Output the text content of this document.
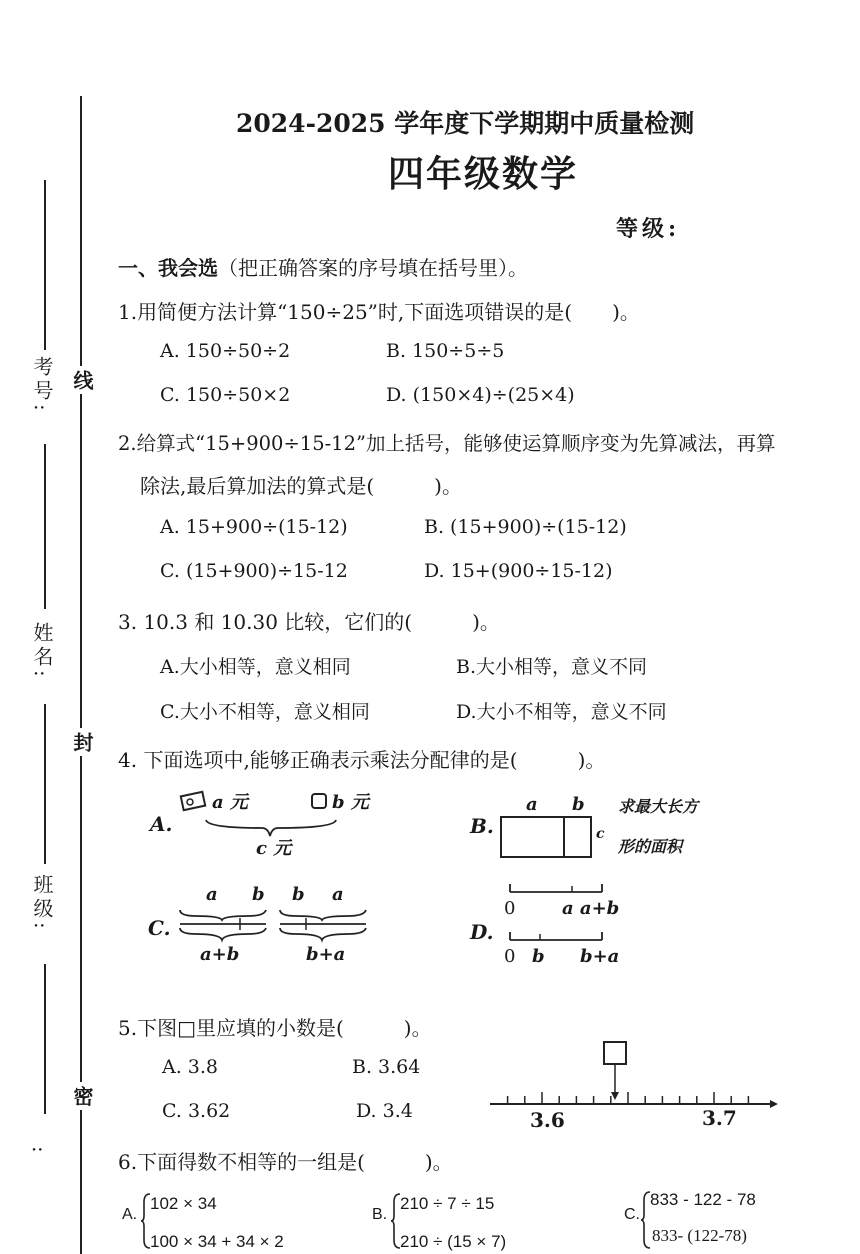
考号:
姓名:
班级:
:
线
封
密
2024-2025 学年度下学期期中质量检测
四年级数学
等级:
一、我会选（把正确答案的序号填在括号里）。
1.用简便方法计算“150÷25”时,下面选项错误的是(　　)。
A. 150÷50÷2	B. 150÷5÷5
C. 150÷50×2	D. (150×4)÷(25×4)
2.给算式“15+900÷15-12”加上括号，能够使运算顺序变为先算减法，再算
除法,最后算加法的算式是(　　　)。
A. 15+900÷(15-12)	B. (15+900)÷(15-12)
C. (15+900)÷15-12	D. 15+(900÷15-12)
3. 10.3 和 10.30 比较，它们的(　　　)。
A.大小相等，意义相同	B.大小相等，意义不同
C.大小不相等，意义相同	D.大小不相等，意义不同
4. 下面选项中,能够正确表示乘法分配律的是(　　　)。
A.
a 元	b 元
c 元
B.
a b
c
求最大长方
形的面积
C.
a b b a
a+b	b+a
D.
0	a a+b
0 b b+a
5.下图□里应填的小数是(　　　)。
A. 3.8	B. 3.64
C. 3.62	D. 3.4	3.6	3.7
6.下面得数不相等的一组是(　　　)。
A.
102 × 34
100 × 34 + 34 × 2
B.
210 ÷ 7 ÷ 15
210 ÷ (15 × 7)
C.
833 - 122 - 78
833- (122-78)
